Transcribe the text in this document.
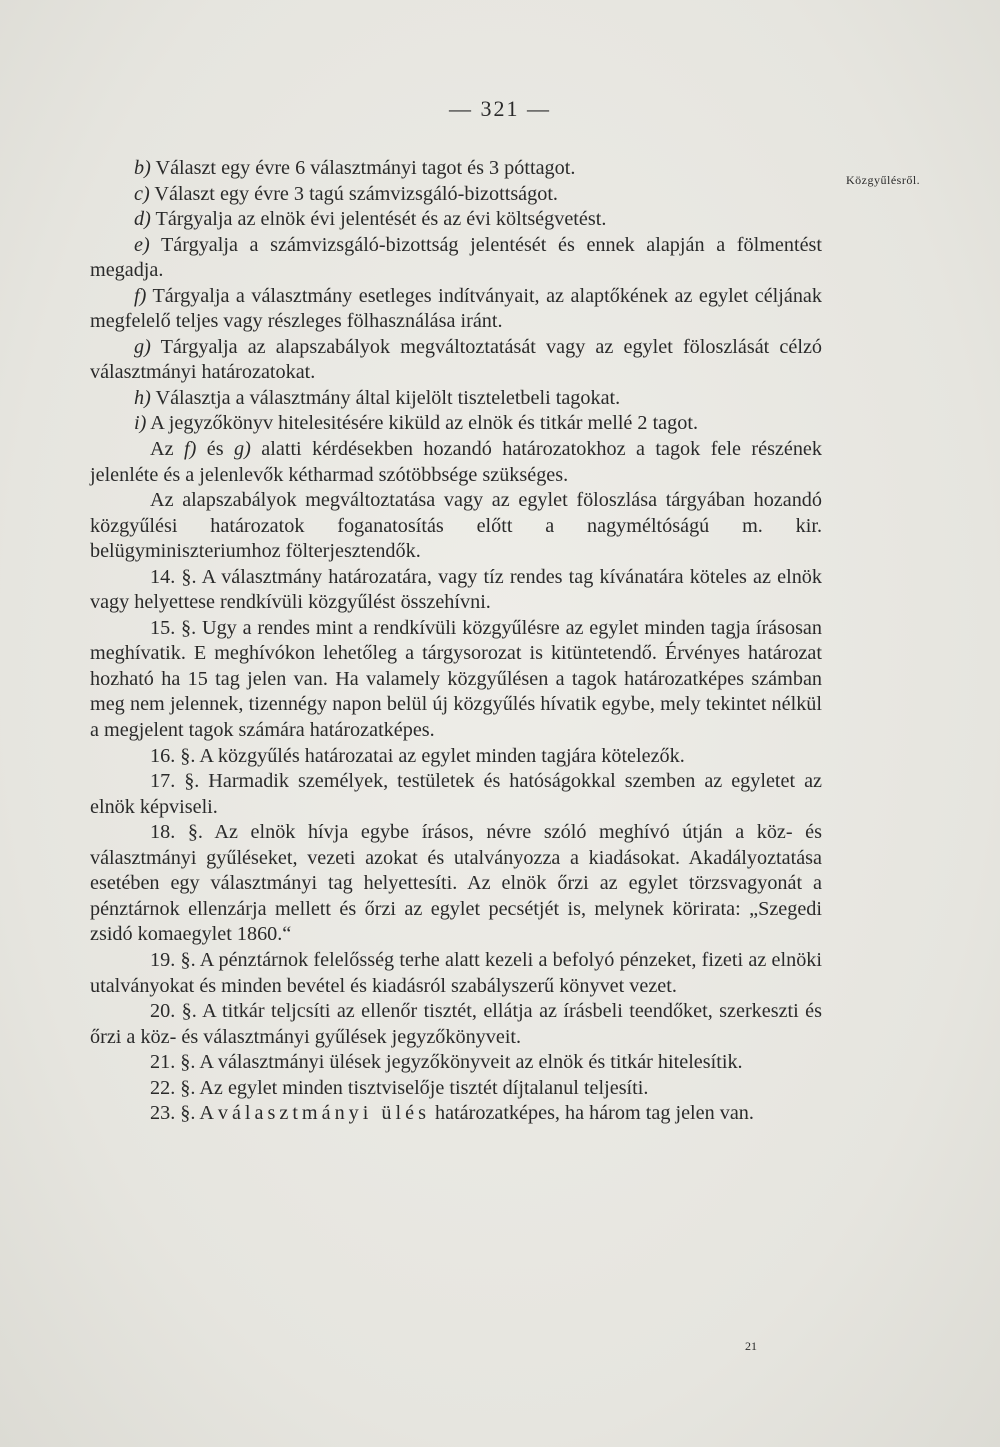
— 321 —
Közgyűlésről.

b) Választ egy évre 6 választmányi tagot és 3 póttagot.

c) Választ egy évre 3 tagú számvizsgáló-bizottságot.

d) Tárgyalja az elnök évi jelentését és az évi költségvetést.

e) Tárgyalja a számvizsgáló-bizottság jelentését és ennek alapján a fölmentést megadja.

f) Tárgyalja a választmány esetleges indítványait, az alaptőkének az egylet céljának megfelelő teljes vagy részleges fölhasználása iránt.

g) Tárgyalja az alapszabályok megváltoztatását vagy az egylet föloszlását célzó választmányi határozatokat.

h) Választja a választmány által kijelölt tiszteletbeli tagokat.

i) A jegyzőkönyv hitelesitésére kiküld az elnök és titkár mellé 2 tagot.

Az f) és g) alatti kérdésekben hozandó határozatokhoz a tagok fele részének jelenléte és a jelenlevők kétharmad szótöbbsége szükséges.

Az alapszabályok megváltoztatása vagy az egylet föloszlása tárgyában hozandó közgyűlési határozatok foganatosítás előtt a nagyméltóságú m. kir. belügyminiszteriumhoz fölterjesztendők.

14. §. A választmány határozatára, vagy tíz rendes tag kívánatára köteles az elnök vagy helyettese rendkívüli közgyűlést összehívni.

15. §. Ugy a rendes mint a rendkívüli közgyűlésre az egylet minden tagja írásosan meghívatik. E meghívókon lehetőleg a tárgysorozat is kitüntetendő. Érvényes határozat hozható ha 15 tag jelen van. Ha valamely közgyűlésen a tagok határozatképes számban meg nem jelennek, tizennégy napon belül új közgyűlés hívatik egybe, mely tekintet nélkül a megjelent tagok számára határozatképes.

16. §. A közgyűlés határozatai az egylet minden tagjára kötelezők.

17. §. Harmadik személyek, testületek és hatóságokkal szemben az egyletet az elnök képviseli.

18. §. Az elnök hívja egybe írásos, névre szóló meghívó útján a köz- és választmányi gyűléseket, vezeti azokat és utalványozza a kiadásokat. Akadályoztatása esetében egy választmányi tag helyettesíti. Az elnök őrzi az egylet törzsvagyonát a pénztárnok ellenzárja mellett és őrzi az egylet pecsétjét is, melynek körirata: „Szegedi zsidó komaegylet 1860.“

19. §. A pénztárnok felelősség terhe alatt kezeli a befolyó pénzeket, fizeti az elnöki utalványokat és minden bevétel és kiadásról szabályszerű könyvet vezet.

20. §. A titkár teljcsíti az ellenőr tisztét, ellátja az írásbeli teendőket, szerkeszti és őrzi a köz- és választmányi gyűlések jegyzőkönyveit.

21. §. A választmányi ülések jegyzőkönyveit az elnök és titkár hitelesítik.

22. §. Az egylet minden tisztviselője tisztét díjtalanul teljesíti.

23. §. A választmányi ülés határozatképes, ha három tag jelen van.

21
